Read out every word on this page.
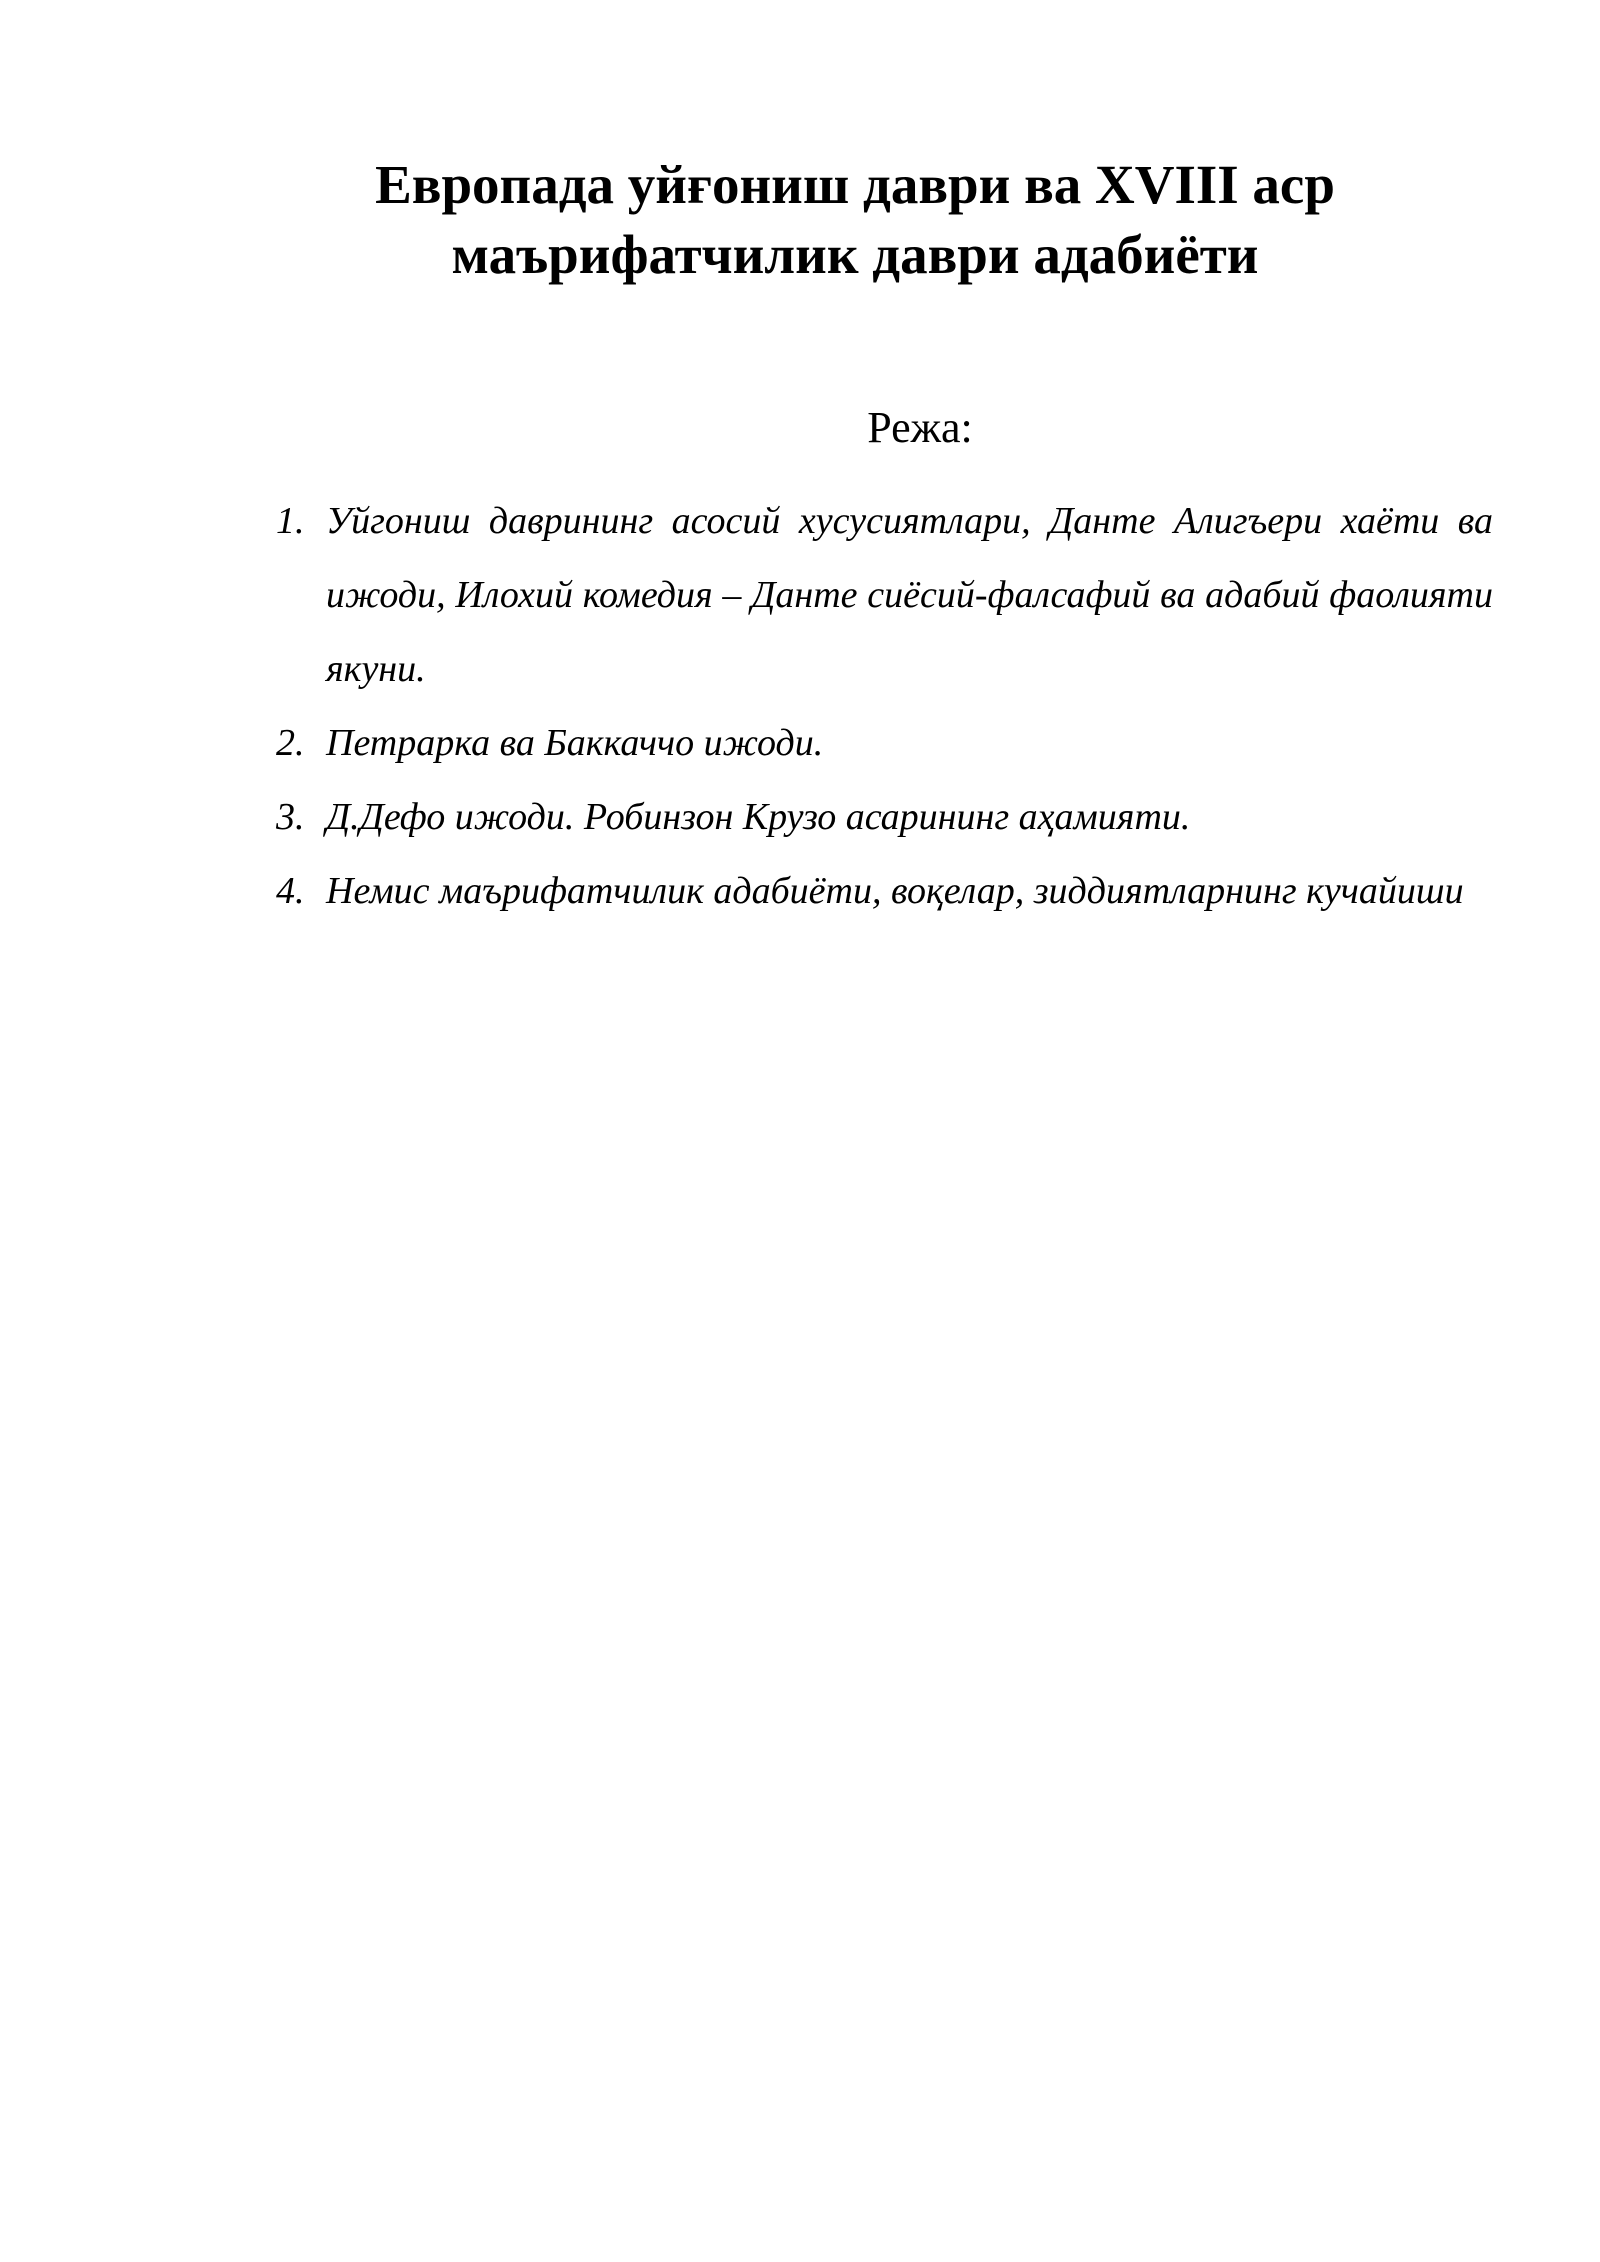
Европада уйғониш даври ва XVIII аср
маърифатчилик даври адабиёти
Режа:
1. Уйгониш даврининг асосий хусусиятлари, Данте Алигъери хаёти ва ижоди, Илохий комедия – Данте сиёсий-фалсафий ва адабий фаолияти якуни.
2. Петрарка ва Баккаччо ижоди.
3. Д.Дефо ижоди. Робинзон Крузо асарининг аҳамияти.
4. Немис маърифатчилик адабиёти, воқелар, зиддиятларнинг кучайиши
